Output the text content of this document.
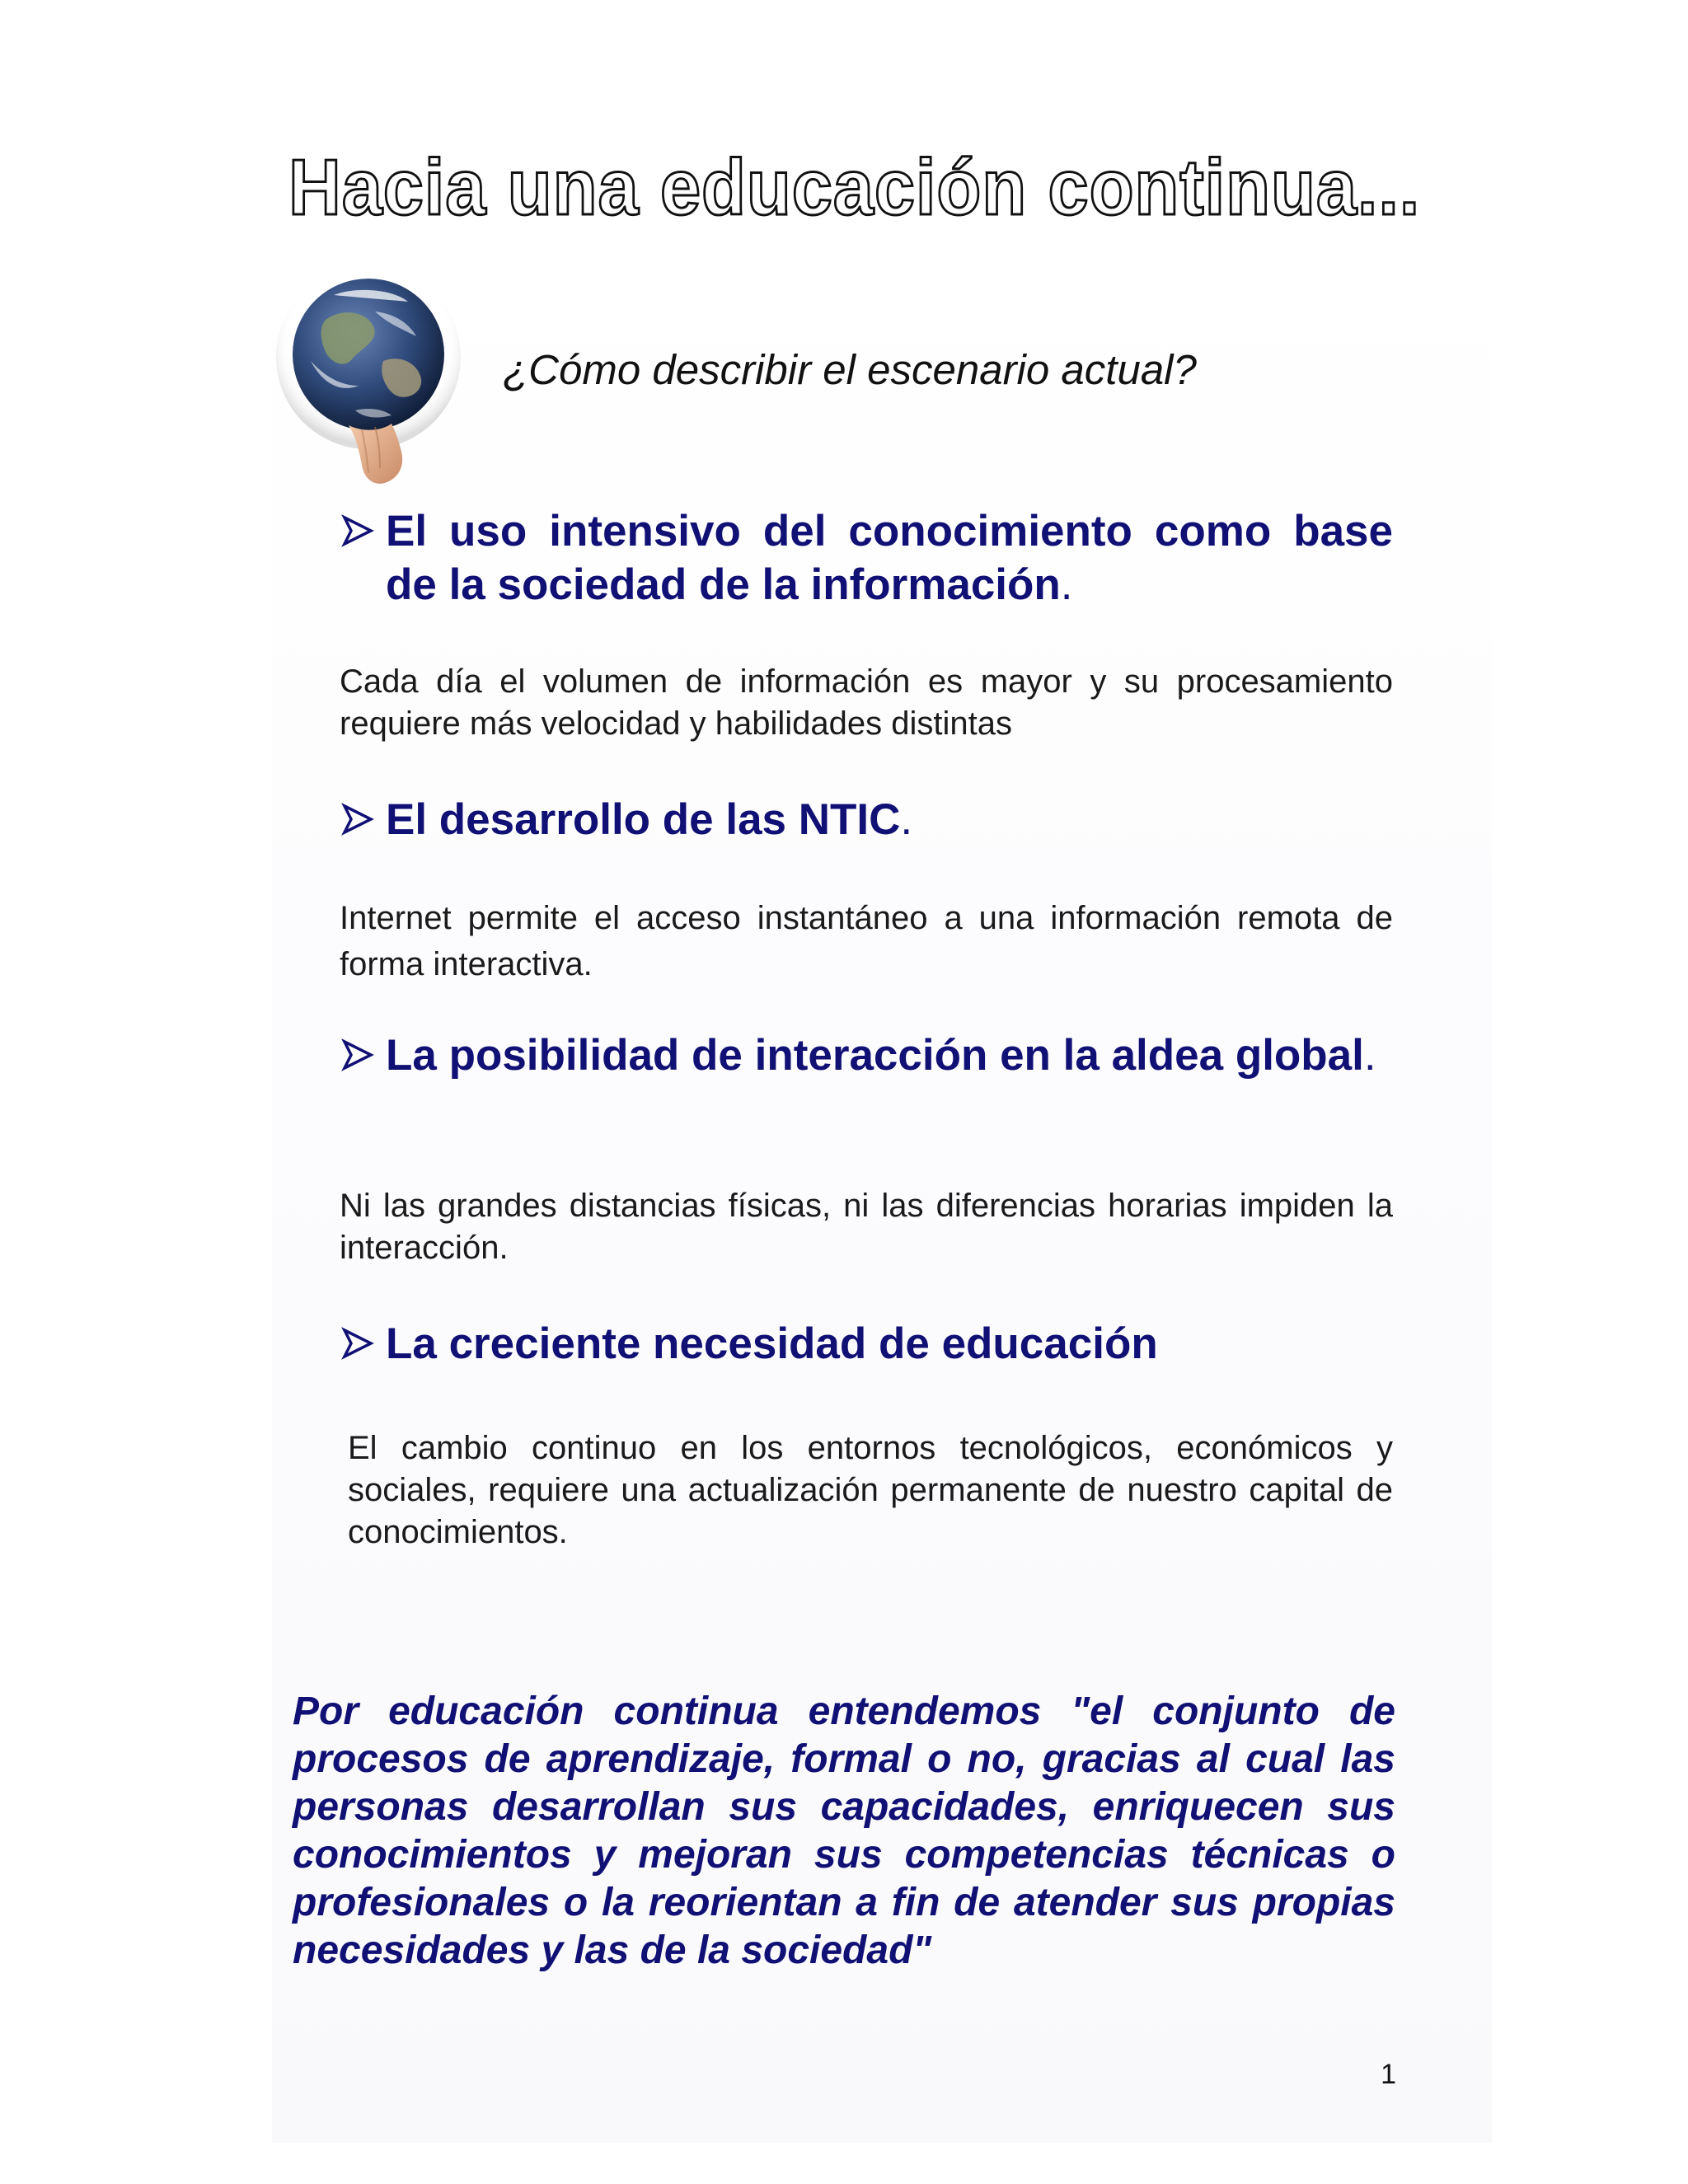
Hacia una educación continua...

¿Cómo describir el escenario actual?

El uso intensivo del conocimiento como base de la sociedad de la información.

Cada día el volumen de información es mayor y su procesamiento requiere más velocidad y habilidades distintas

El desarrollo de las NTIC.

Internet permite el acceso instantáneo a una información remota de forma interactiva.

La posibilidad de interacción en la aldea global.

Ni las grandes distancias físicas, ni las diferencias horarias impiden la interacción.

La creciente necesidad de educación

El cambio continuo en los entornos tecnológicos, económicos y sociales, requiere una actualización permanente de nuestro capital de conocimientos.

Por educación continua entendemos "el conjunto de procesos de aprendizaje, formal o no, gracias al cual las personas desarrollan sus capacidades, enriquecen sus conocimientos y mejoran sus competencias técnicas o profesionales o la reorientan a fin de atender sus propias necesidades y las de la sociedad"

1
